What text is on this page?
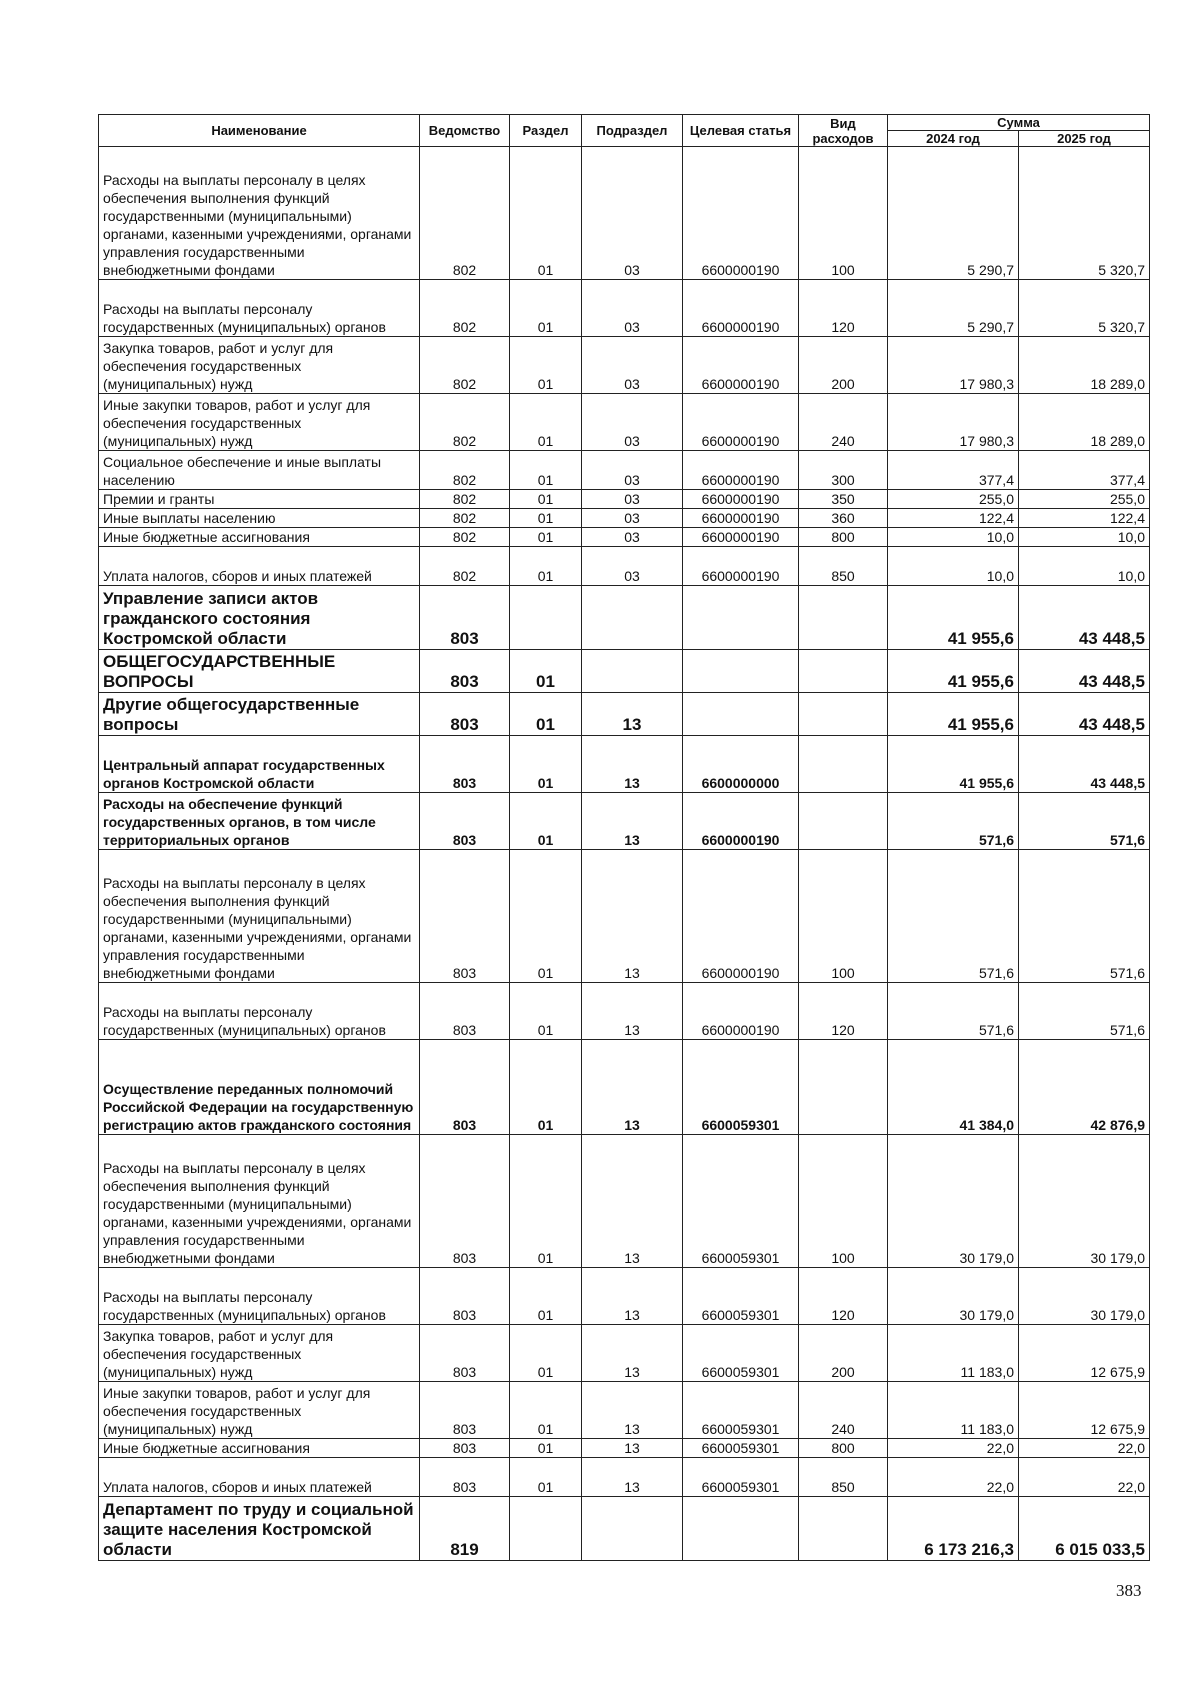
Наименование	Ведомство	Раздел	Подраздел	Целевая статья	Вид расходов	Сумма	
						2024 год	2025 год
Расходы на выплаты персоналу в целях обеспечения выполнения функций государственными (муниципальными) органами, казенными учреждениями, органами управления государственными внебюджетными фондами	802	01	03	6600000190	100	5 290,7	5 320,7
Расходы на выплаты персоналу государственных (муниципальных) органов	802	01	03	6600000190	120	5 290,7	5 320,7
Закупка товаров, работ и услуг для обеспечения государственных (муниципальных) нужд	802	01	03	6600000190	200	17 980,3	18 289,0
Иные закупки товаров, работ и услуг для обеспечения государственных (муниципальных) нужд	802	01	03	6600000190	240	17 980,3	18 289,0
Социальное обеспечение и иные выплаты населению	802	01	03	6600000190	300	377,4	377,4
Премии и гранты	802	01	03	6600000190	350	255,0	255,0
Иные выплаты населению	802	01	03	6600000190	360	122,4	122,4
Иные бюджетные ассигнования	802	01	03	6600000190	800	10,0	10,0
Уплата налогов, сборов и иных платежей	802	01	03	6600000190	850	10,0	10,0
Управление записи актов гражданского состояния Костромской области	803					41 955,6	43 448,5
ОБЩЕГОСУДАРСТВЕННЫЕ ВОПРОСЫ	803	01				41 955,6	43 448,5
Другие общегосударственные вопросы	803	01	13			41 955,6	43 448,5
Центральный аппарат государственных органов Костромской области	803	01	13	6600000000		41 955,6	43 448,5
Расходы на обеспечение функций государственных органов, в том числе территориальных органов	803	01	13	6600000190		571,6	571,6
Расходы на выплаты персоналу в целях обеспечения выполнения функций государственными (муниципальными) органами, казенными учреждениями, органами управления государственными внебюджетными фондами	803	01	13	6600000190	100	571,6	571,6
Расходы на выплаты персоналу государственных (муниципальных) органов	803	01	13	6600000190	120	571,6	571,6
Осуществление переданных полномочий Российской Федерации на государственную регистрацию актов гражданского состояния	803	01	13	6600059301		41 384,0	42 876,9
Расходы на выплаты персоналу в целях обеспечения выполнения функций государственными (муниципальными) органами, казенными учреждениями, органами управления государственными внебюджетными фондами	803	01	13	6600059301	100	30 179,0	30 179,0
Расходы на выплаты персоналу государственных (муниципальных) органов	803	01	13	6600059301	120	30 179,0	30 179,0
Закупка товаров, работ и услуг для обеспечения государственных (муниципальных) нужд	803	01	13	6600059301	200	11 183,0	12 675,9
Иные закупки товаров, работ и услуг для обеспечения государственных (муниципальных) нужд	803	01	13	6600059301	240	11 183,0	12 675,9
Иные бюджетные ассигнования	803	01	13	6600059301	800	22,0	22,0
Уплата налогов, сборов и иных платежей	803	01	13	6600059301	850	22,0	22,0
Департамент по труду и социальной защите населения Костромской области	819					6 173 216,3	6 015 033,5
383
